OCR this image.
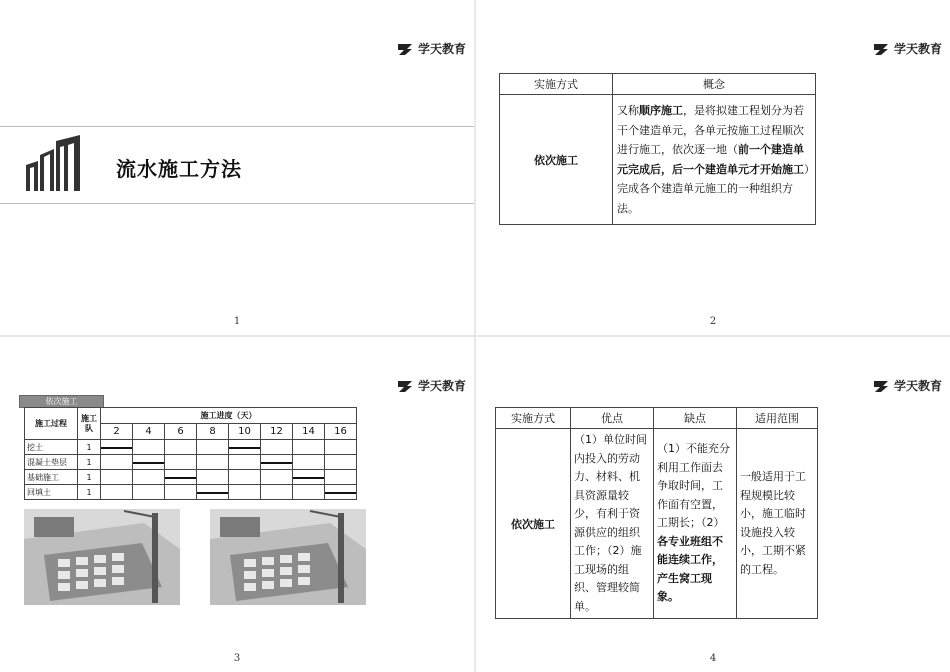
学天教育
流水施工方法
1
学天教育
实施方式	概念
依次施工	又称顺序施工，是将拟建工程划分为若干个建造单元，各单元按施工过程顺次进行施工，依次逐一地（前一个建造单元完成后，后一个建造单元才开始施工）完成各个建造单元施工的一种组织方法。
2
学天教育
依次施工
施工过程	施工队	施工进度（天）							
		2	4	6	8	10	12	14	16
挖土	1	

混凝土垫层	1		

基础施工	1			

回填土	1				

3
学天教育
实施方式	优点	缺点	适用范围
依次施工	（1）单位时间内投入的劳动力、材料、机具资源量较少，有利于资源供应的组织工作；（2）施工现场的组织、管理较简单。	（1）不能充分利用工作面去争取时间，工作面有空置，工期长；（2）各专业班组不能连续工作，产生窝工现象。	一般适用于工程规模比较小，施工临时设施投入较小，工期不紧的工程。
4
